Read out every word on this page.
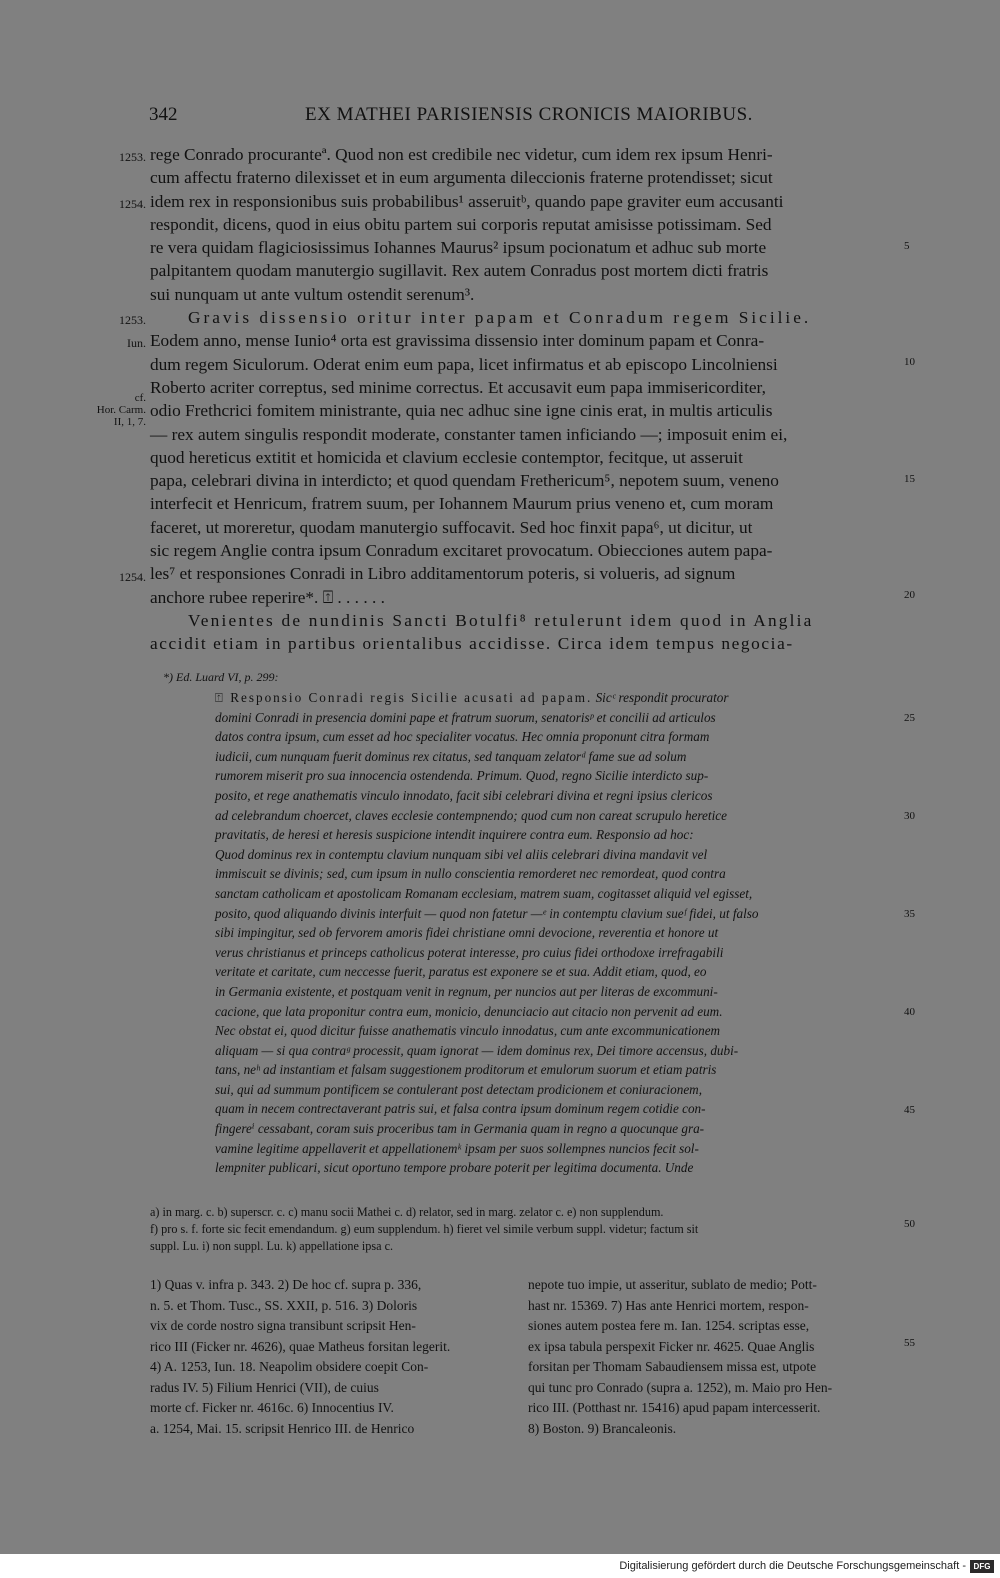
342	EX MATHEI PARISIENSIS CRONICIS MAIORIBUS.
1253.
1254.
1253.
Iun.
cf.
Hor. Carm.
II, 1, 7.
1254.
5
10
15
20
25
30
35
40
45
50
55
rege Conrado procuranteª. Quod non est credibile nec videtur, cum idem rex ipsum Henri-
cum affectu fraterno dilexisset et in eum argumenta dileccionis fraterne protendisset; sicut
idem rex in responsionibus suis probabilibus¹ asseruitᵇ, quando pape graviter eum accusanti
respondit, dicens, quod in eius obitu partem sui corporis reputat amisisse potissimam. Sed
re vera quidam flagiciosissimus Iohannes Maurus² ipsum pocionatum et adhuc sub morte
palpitantem quodam manutergio sugillavit. Rex autem Conradus post mortem dicti fratris
sui nunquam ut ante vultum ostendit serenum³.
Gravis dissensio oritur inter papam et Conradum regem Sicilie.
Eodem anno, mense Iunio⁴ orta est gravissima dissensio inter dominum papam et Conra-
dum regem Siculorum. Oderat enim eum papa, licet infirmatus et ab episcopo Lincolniensi
Roberto acriter correptus, sed minime correctus. Et accusavit eum papa immisericorditer,
odio Frethcrici fomitem ministrante, quia nec adhuc sine igne cinis erat, in multis articulis
— rex autem singulis respondit moderate, constanter tamen inficiando —; imposuit enim ei,
quod hereticus extitit et homicida et clavium ecclesie contemptor, fecitque, ut asseruit
papa, celebrari divina in interdicto; et quod quendam Frethericum⁵, nepotem suum, veneno
interfecit et Henricum, fratrem suum, per Iohannem Maurum prius veneno et, cum moram
faceret, ut moreretur, quodam manutergio suffocavit. Sed hoc finxit papa⁶, ut dicitur, ut
sic regem Anglie contra ipsum Conradum excitaret provocatum. Obiecciones autem papa-
les⁷ et responsiones Conradi in Libro additamentorum poteris, si volueris, ad signum
anchore rubee reperire*. ⍐ . . . . . .
Venientes de nundinis Sancti Botulfi⁸ retulerunt idem quod in Anglia
accidit etiam in partibus orientalibus accidisse. Circa idem tempus negocia-
*) Ed. Luard VI, p. 299:
⍐ Responsio Conradi regis Sicilie acusati ad papam. Sicᶜ respondit procurator
domini Conradi in presencia domini pape et fratrum suorum, senatorisᵖ et concilii ad articulos
datos contra ipsum, cum esset ad hoc specialiter vocatus. Hec omnia proponunt citra formam
iudicii, cum nunquam fuerit dominus rex citatus, sed tanquam zelatorᵈ fame sue ad solum
rumorem miserit pro sua innocencia ostendenda. Primum. Quod, regno Sicilie interdicto sup-
posito, et rege anathematis vinculo innodato, facit sibi celebrari divina et regni ipsius clericos
ad celebrandum choercet, claves ecclesie contempnendo; quod cum non careat scrupulo heretice
pravitatis, de heresi et heresis suspicione intendit inquirere contra eum. Responsio ad hoc:
Quod dominus rex in contemptu clavium nunquam sibi vel aliis celebrari divina mandavit vel
immiscuit se divinis; sed, cum ipsum in nullo conscientia remorderet nec remordeat, quod contra
sanctam catholicam et apostolicam Romanam ecclesiam, matrem suam, cogitasset aliquid vel egisset,
posito, quod aliquando divinis interfuit — quod non fatetur —ᵉ in contemptu clavium sueᶠ fidei, ut falso
sibi impingitur, sed ob fervorem amoris fidei christiane omni devocione, reverentia et honore ut
verus christianus et princeps catholicus poterat interesse, pro cuius fidei orthodoxe irrefragabili
veritate et caritate, cum neccesse fuerit, paratus est exponere se et sua. Addit etiam, quod, eo
in Germania existente, et postquam venit in regnum, per nuncios aut per literas de excommuni-
cacione, que lata proponitur contra eum, monicio, denunciacio aut citacio non pervenit ad eum.
Nec obstat ei, quod dicitur fuisse anathematis vinculo innodatus, cum ante excommunicationem
aliquam — si qua contraᵍ processit, quam ignorat — idem dominus rex, Dei timore accensus, dubi-
tans, neʰ ad instantiam et falsam suggestionem proditorum et emulorum suorum et etiam patris
sui, qui ad summum pontificem se contulerant post detectam prodicionem et coniuracionem,
quam in necem contrectaverant patris sui, et falsa contra ipsum dominum regem cotidie con-
fingereⁱ cessabant, coram suis proceribus tam in Germania quam in regno a quocunque gra-
vamine legitime appellaverit et appellationemᵏ ipsam per suos sollempnes nuncios fecit sol-
lempniter publicari, sicut oportuno tempore probare poterit per legitima documenta. Unde
a) in marg. c. b) superscr. c. c) manu socii Mathei c. d) relator, sed in marg. zelator c. e) non supplendum.
f) pro s. f. forte sic fecit emendandum. g) eum supplendum. h) fieret vel simile verbum suppl. videtur; factum sit
suppl. Lu. i) non suppl. Lu. k) appellatione ipsa c.
1) Quas v. infra p. 343. 2) De hoc cf. supra p. 336,
n. 5. et Thom. Tusc., SS. XXII, p. 516. 3) Doloris
vix de corde nostro signa transibunt scripsit Hen-
rico III (Ficker nr. 4626), quae Matheus forsitan legerit.
4) A. 1253, Iun. 18. Neapolim obsidere coepit Con-
radus IV. 5) Filium Henrici (VII), de cuius
morte cf. Ficker nr. 4616c. 6) Innocentius IV.
a. 1254, Mai. 15. scripsit Henrico III. de Henrico
nepote tuo impie, ut asseritur, sublato de medio; Pott-
hast nr. 15369. 7) Has ante Henrici mortem, respon-
siones autem postea fere m. Ian. 1254. scriptas esse,
ex ipsa tabula perspexit Ficker nr. 4625. Quae Anglis
forsitan per Thomam Sabaudiensem missa est, utpote
qui tunc pro Conrado (supra a. 1252), m. Maio pro Hen-
rico III. (Potthast nr. 15416) apud papam intercesserit.
8) Boston. 9) Brancaleonis.
Digitalisierung gefördert durch die Deutsche Forschungsgemeinschaft - DFG
